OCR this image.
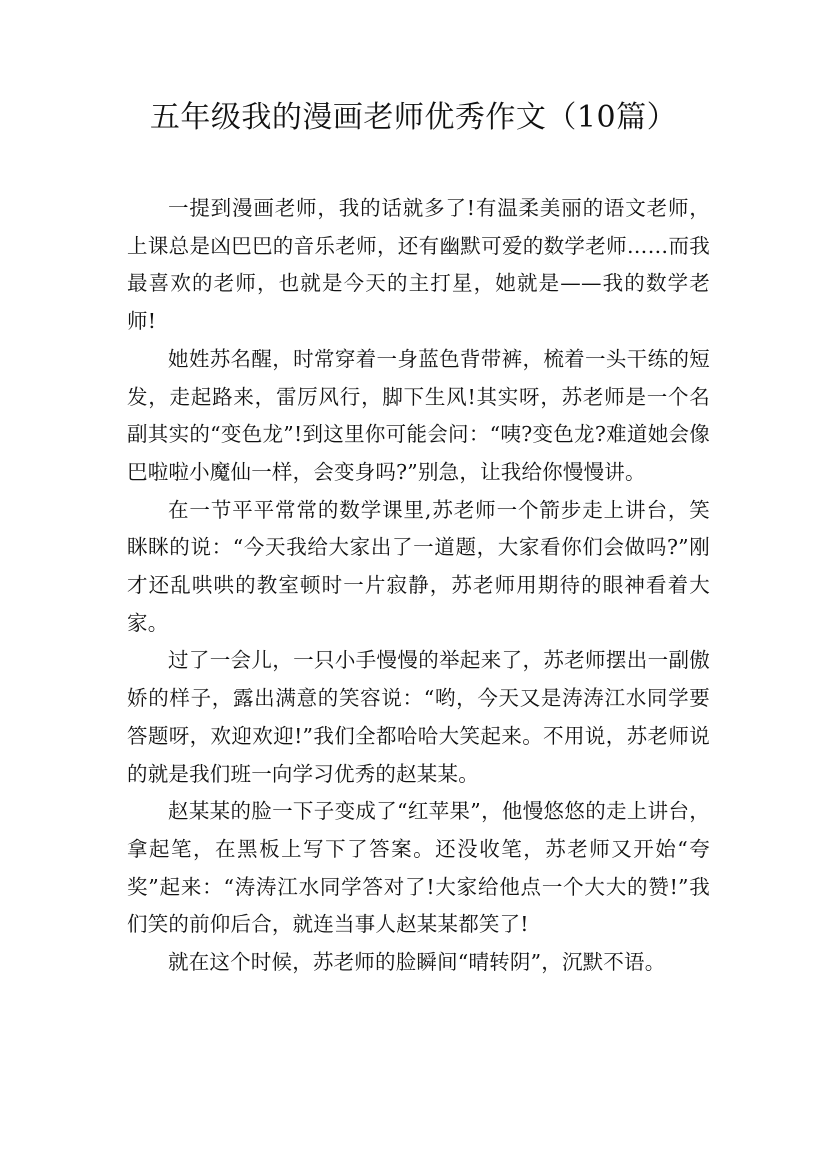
五年级我的漫画老师优秀作文（10篇）

一提到漫画老师，我的话就多了!有温柔美丽的语文老师，上课总是凶巴巴的音乐老师，还有幽默可爱的数学老师……而我最喜欢的老师，也就是今天的主打星，她就是——我的数学老师!

她姓苏名醒，时常穿着一身蓝色背带裤，梳着一头干练的短发，走起路来，雷厉风行，脚下生风!其实呀，苏老师是一个名副其实的“变色龙”!到这里你可能会问：“咦?变色龙?难道她会像巴啦啦小魔仙一样，会变身吗?”别急，让我给你慢慢讲。

在一节平平常常的数学课里,苏老师一个箭步走上讲台，笑眯眯的说：“今天我给大家出了一道题，大家看你们会做吗?”刚才还乱哄哄的教室顿时一片寂静，苏老师用期待的眼神看着大家。

过了一会儿，一只小手慢慢的举起来了，苏老师摆出一副傲娇的样子，露出满意的笑容说：“哟，今天又是涛涛江水同学要答题呀，欢迎欢迎!”我们全都哈哈大笑起来。不用说，苏老师说的就是我们班一向学习优秀的赵某某。

赵某某的脸一下子变成了“红苹果”，他慢悠悠的走上讲台，拿起笔，在黑板上写下了答案。还没收笔，苏老师又开始“夸奖”起来：“涛涛江水同学答对了!大家给他点一个大大的赞!”我们笑的前仰后合，就连当事人赵某某都笑了!

就在这个时候，苏老师的脸瞬间“晴转阴”，沉默不语。
